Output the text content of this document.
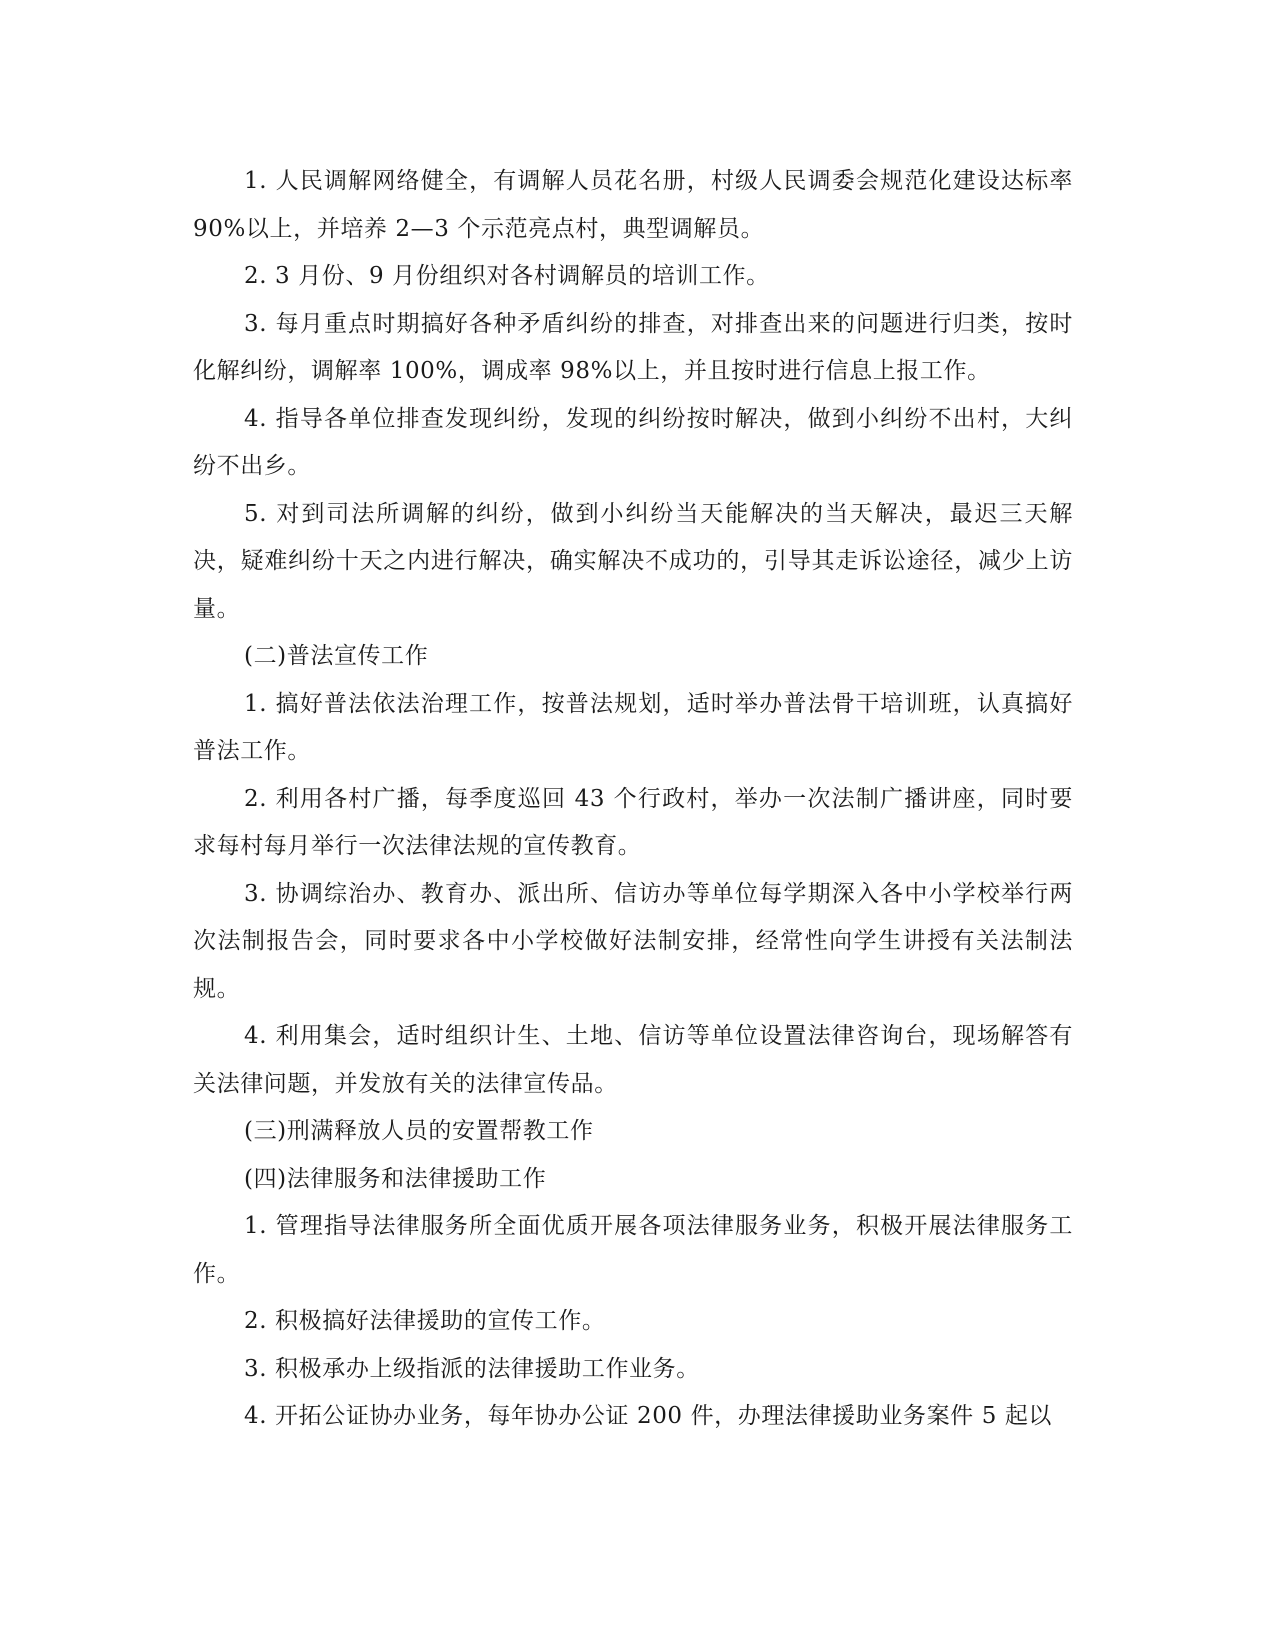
1. 人民调解网络健全，有调解人员花名册，村级人民调委会规范化建设达标率 90%以上，并培养 2—3 个示范亮点村，典型调解员。

2. 3 月份、9 月份组织对各村调解员的培训工作。

3. 每月重点时期搞好各种矛盾纠纷的排查，对排查出来的问题进行归类，按时化解纠纷，调解率 100%，调成率 98%以上，并且按时进行信息上报工作。

4. 指导各单位排查发现纠纷，发现的纠纷按时解决，做到小纠纷不出村，大纠纷不出乡。

5. 对到司法所调解的纠纷，做到小纠纷当天能解决的当天解决，最迟三天解决，疑难纠纷十天之内进行解决，确实解决不成功的，引导其走诉讼途径，减少上访量。

(二)普法宣传工作

1. 搞好普法依法治理工作，按普法规划，适时举办普法骨干培训班，认真搞好普法工作。

2. 利用各村广播，每季度巡回 43 个行政村，举办一次法制广播讲座，同时要求每村每月举行一次法律法规的宣传教育。

3. 协调综治办、教育办、派出所、信访办等单位每学期深入各中小学校举行两次法制报告会，同时要求各中小学校做好法制安排，经常性向学生讲授有关法制法规。

4. 利用集会，适时组织计生、土地、信访等单位设置法律咨询台，现场解答有关法律问题，并发放有关的法律宣传品。

(三)刑满释放人员的安置帮教工作

(四)法律服务和法律援助工作

1. 管理指导法律服务所全面优质开展各项法律服务业务，积极开展法律服务工作。

2. 积极搞好法律援助的宣传工作。

3. 积极承办上级指派的法律援助工作业务。

4. 开拓公证协办业务，每年协办公证 200 件，办理法律援助业务案件 5 起以
